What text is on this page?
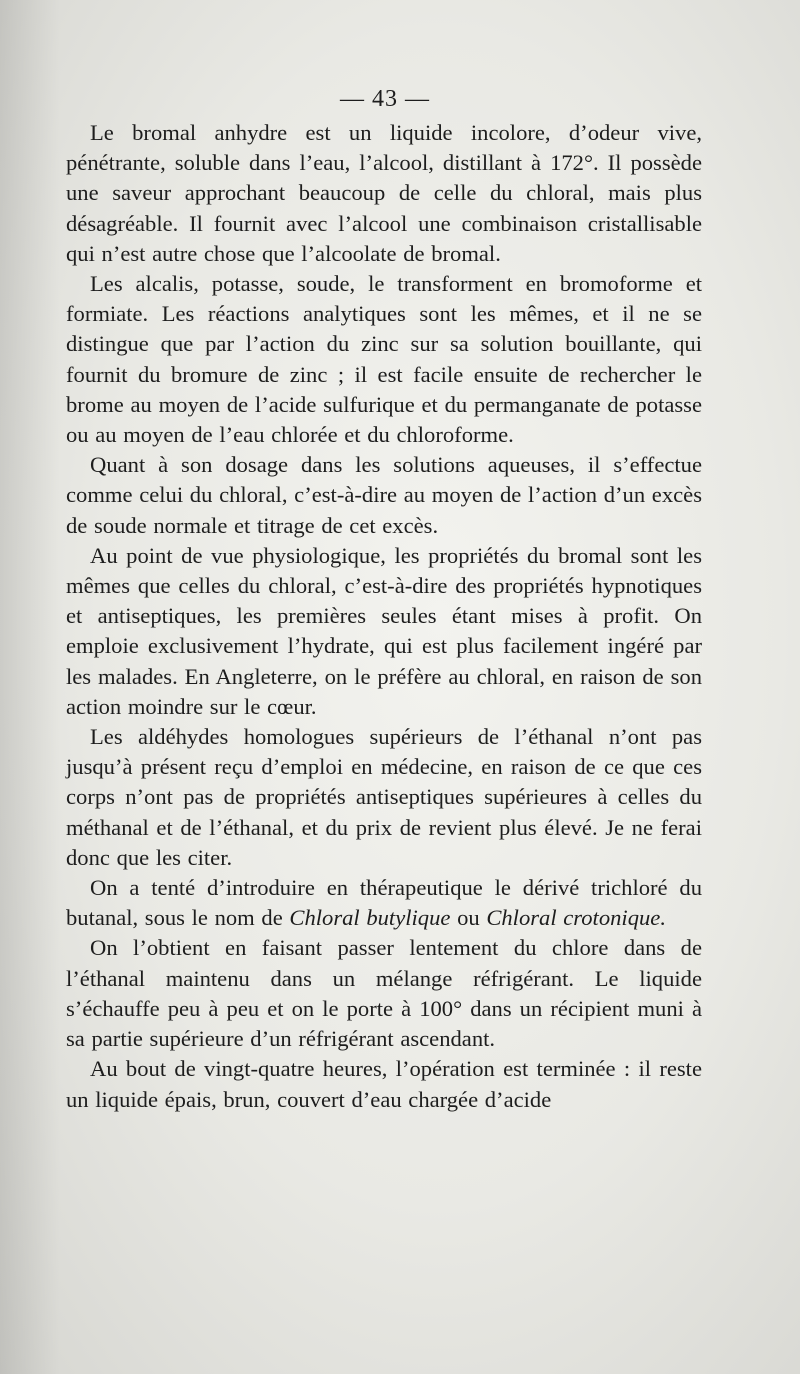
— 43 —

Le bromal anhydre est un liquide incolore, d’odeur vive, pénétrante, soluble dans l’eau, l’alcool, distillant à 172°. Il possède une saveur approchant beaucoup de celle du chloral, mais plus désagréable. Il fournit avec l’alcool une combinaison cristallisable qui n’est autre chose que l’alcoolate de bromal.

Les alcalis, potasse, soude, le transforment en bromoforme et formiate. Les réactions analytiques sont les mêmes, et il ne se distingue que par l’action du zinc sur sa solution bouillante, qui fournit du bromure de zinc ; il est facile ensuite de rechercher le brome au moyen de l’acide sulfurique et du permanganate de potasse ou au moyen de l’eau chlorée et du chloroforme.

Quant à son dosage dans les solutions aqueuses, il s’effectue comme celui du chloral, c’est-à-dire au moyen de l’action d’un excès de soude normale et titrage de cet excès.

Au point de vue physiologique, les propriétés du bromal sont les mêmes que celles du chloral, c’est-à-dire des propriétés hypnotiques et antiseptiques, les premières seules étant mises à profit. On emploie exclusivement l’hydrate, qui est plus facilement ingéré par les malades. En Angleterre, on le préfère au chloral, en raison de son action moindre sur le cœur.

Les aldéhydes homologues supérieurs de l’éthanal n’ont pas jusqu’à présent reçu d’emploi en médecine, en raison de ce que ces corps n’ont pas de propriétés antiseptiques supérieures à celles du méthanal et de l’éthanal, et du prix de revient plus élevé. Je ne ferai donc que les citer.

On a tenté d’introduire en thérapeutique le dérivé trichloré du butanal, sous le nom de Chloral butylique ou Chloral crotonique.

On l’obtient en faisant passer lentement du chlore dans de l’éthanal maintenu dans un mélange réfrigérant. Le liquide s’échauffe peu à peu et on le porte à 100° dans un récipient muni à sa partie supérieure d’un réfrigérant ascendant.

Au bout de vingt-quatre heures, l’opération est terminée : il reste un liquide épais, brun, couvert d’eau chargée d’acide
